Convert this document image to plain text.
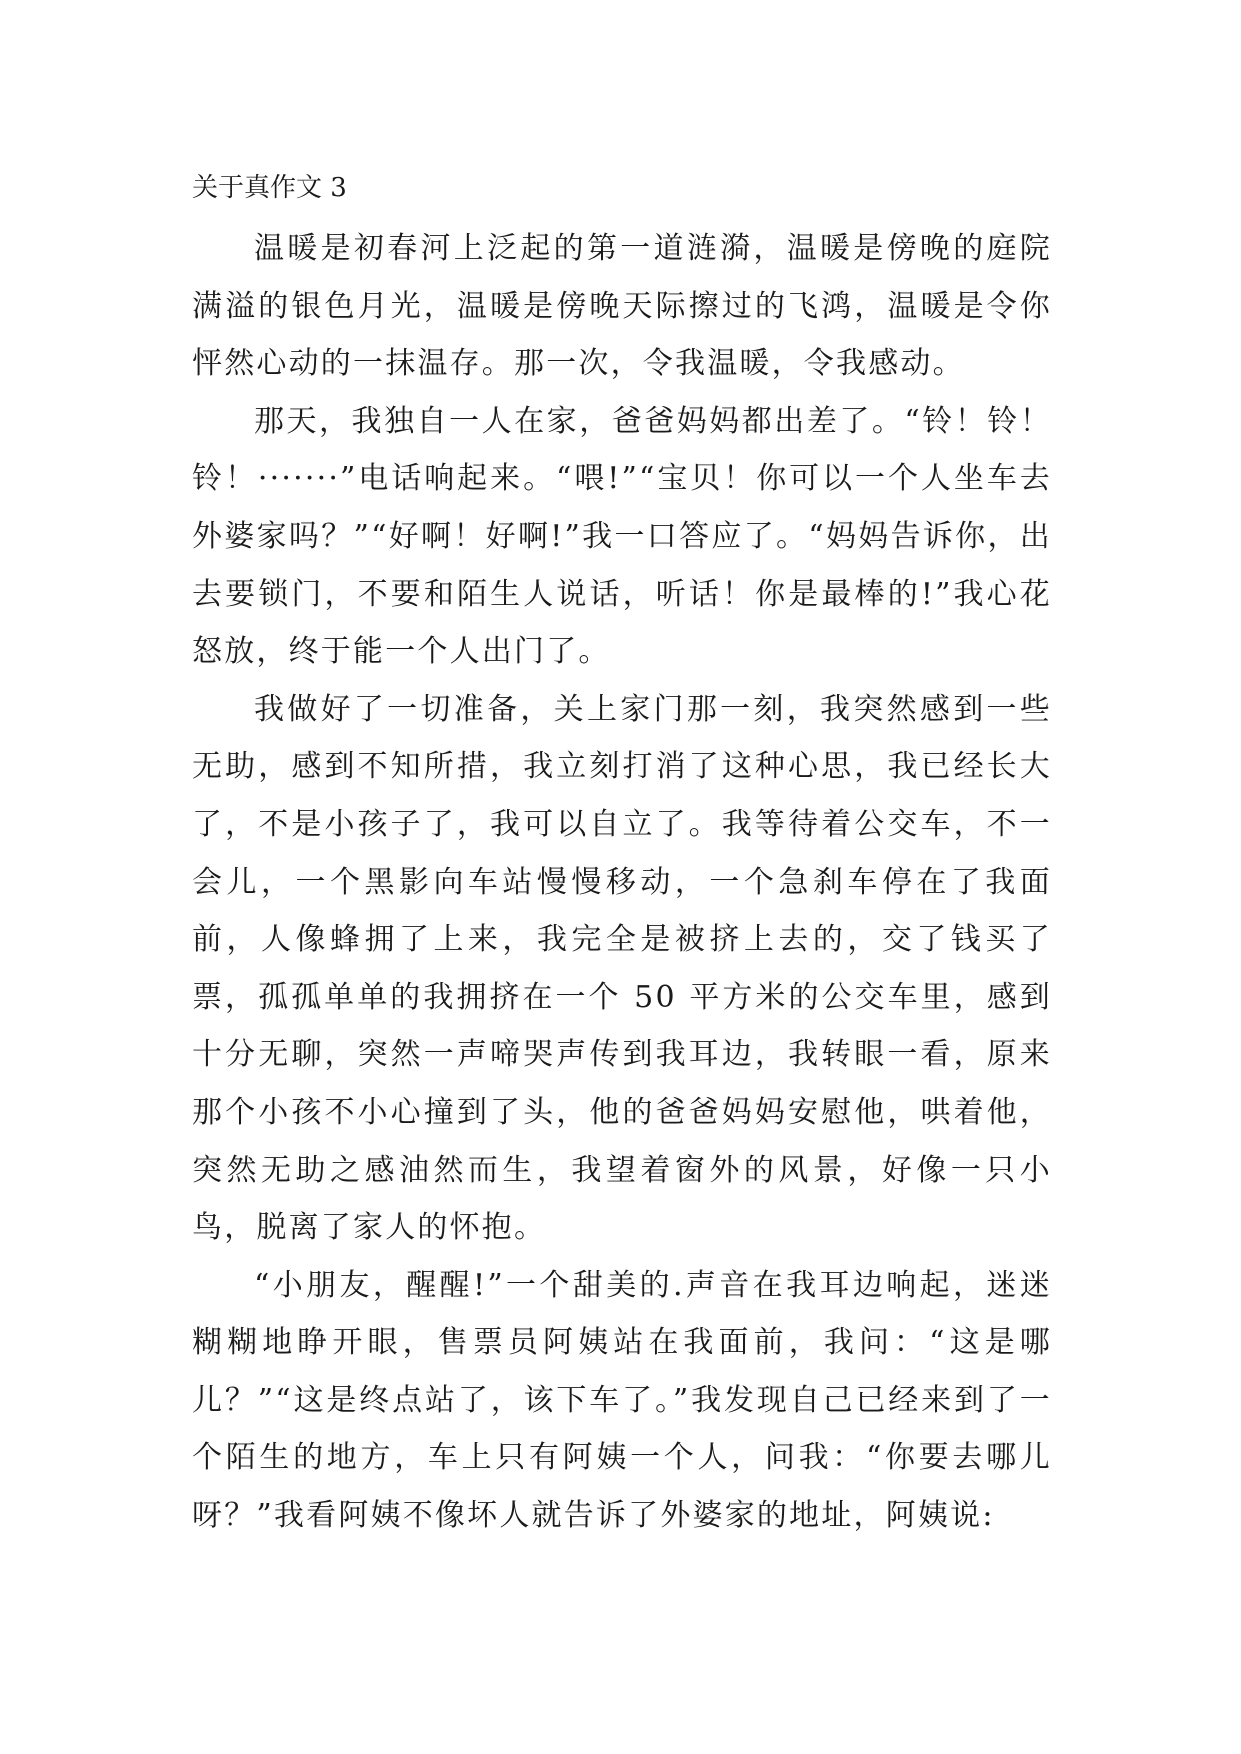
关于真作文 3

温暖是初春河上泛起的第一道涟漪，温暖是傍晚的庭院满溢的银色月光，温暖是傍晚天际擦过的飞鸿，温暖是令你怦然心动的一抹温存。那一次，令我温暖，令我感动。

那天，我独自一人在家，爸爸妈妈都出差了。“铃！铃！铃！·······”电话响起来。“喂!”“宝贝！你可以一个人坐车去外婆家吗？”“好啊！好啊!”我一口答应了。“妈妈告诉你，出去要锁门，不要和陌生人说话，听话！你是最棒的!”我心花怒放，终于能一个人出门了。

我做好了一切准备，关上家门那一刻，我突然感到一些无助，感到不知所措，我立刻打消了这种心思，我已经长大了，不是小孩子了，我可以自立了。我等待着公交车，不一会儿，一个黑影向车站慢慢移动，一个急刹车停在了我面前，人像蜂拥了上来，我完全是被挤上去的，交了钱买了票，孤孤单单的我拥挤在一个 50 平方米的公交车里，感到十分无聊，突然一声啼哭声传到我耳边，我转眼一看，原来那个小孩不小心撞到了头，他的爸爸妈妈安慰他，哄着他，突然无助之感油然而生，我望着窗外的风景，好像一只小鸟，脱离了家人的怀抱。

“小朋友，醒醒!”一个甜美的.声音在我耳边响起，迷迷糊糊地睁开眼，售票员阿姨站在我面前，我问：“这是哪儿？”“这是终点站了，该下车了。”我发现自己已经来到了一个陌生的地方，车上只有阿姨一个人，问我：“你要去哪儿呀？”我看阿姨不像坏人就告诉了外婆家的地址，阿姨说:
